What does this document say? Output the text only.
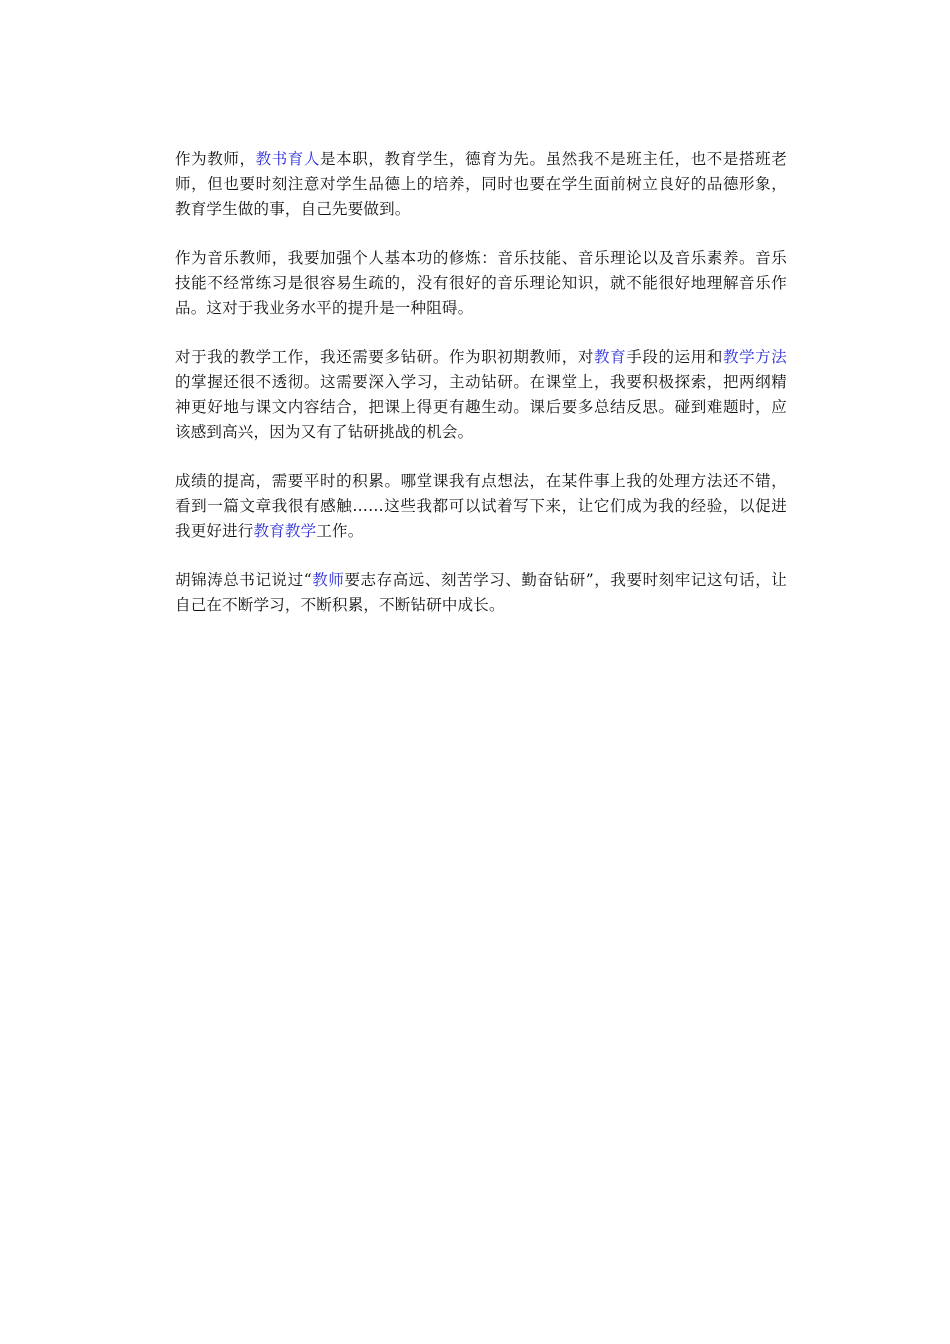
作为教师，教书育人是本职，教育学生，德育为先。虽然我不是班主任，也不是搭班老师，但也要时刻注意对学生品德上的培养，同时也要在学生面前树立良好的品德形象，教育学生做的事，自己先要做到。

作为音乐教师，我要加强个人基本功的修炼：音乐技能、音乐理论以及音乐素养。音乐技能不经常练习是很容易生疏的，没有很好的音乐理论知识，就不能很好地理解音乐作品。这对于我业务水平的提升是一种阻碍。

对于我的教学工作，我还需要多钻研。作为职初期教师，对教育手段的运用和教学方法的掌握还很不透彻。这需要深入学习，主动钻研。在课堂上，我要积极探索，把两纲精神更好地与课文内容结合，把课上得更有趣生动。课后要多总结反思。碰到难题时，应该感到高兴，因为又有了钻研挑战的机会。

成绩的提高，需要平时的积累。哪堂课我有点想法，在某件事上我的处理方法还不错，看到一篇文章我很有感触……这些我都可以试着写下来，让它们成为我的经验，以促进我更好进行教育教学工作。

胡锦涛总书记说过“教师要志存高远、刻苦学习、勤奋钻研”，我要时刻牢记这句话，让自己在不断学习，不断积累，不断钻研中成长。
